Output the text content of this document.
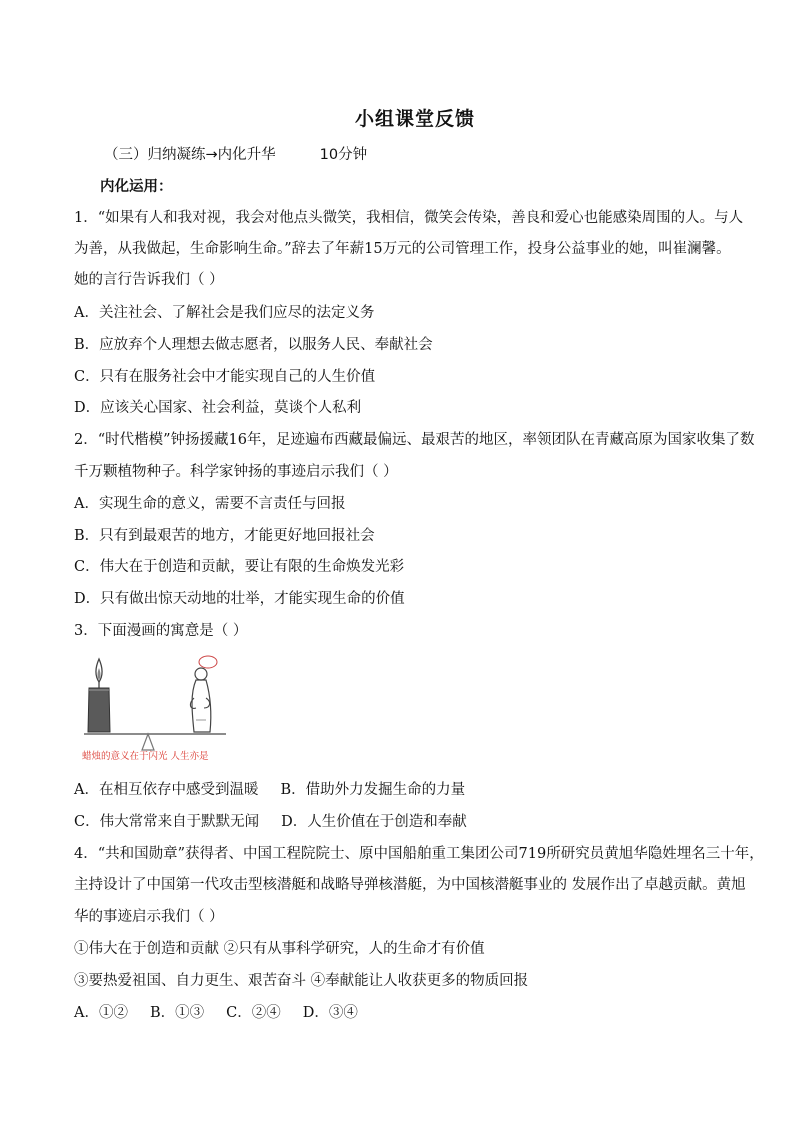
小组课堂反馈
（三）归纳凝练→内化升华	10分钟
内化运用：
1．“如果有人和我对视，我会对他点头微笑，我相信，微笑会传染，善良和爱心也能感染周围的人。与人
为善，从我做起，生命影响生命。”辞去了年薪15万元的公司管理工作，投身公益事业的她，叫崔澜馨。
她的言行告诉我们（ ）
A．关注社会、了解社会是我们应尽的法定义务
B．应放弃个人理想去做志愿者，以服务人民、奉献社会
C．只有在服务社会中才能实现自己的人生价值
D．应该关心国家、社会利益，莫谈个人私利
2．“时代楷模”钟扬援藏16年，足迹遍布西藏最偏远、最艰苦的地区，率领团队在青藏高原为国家收集了数
千万颗植物种子。科学家钟扬的事迹启示我们（ ）
A．实现生命的意义，需要不言责任与回报
B．只有到最艰苦的地方，才能更好地回报社会
C．伟大在于创造和贡献，要让有限的生命焕发光彩
D．只有做出惊天动地的壮举，才能实现生命的价值
3．下面漫画的寓意是（ ）
蜡烛的意义在于闪光 人生亦是
A．在相互依存中感受到温暖 B．借助外力发掘生命的力量
C．伟大常常来自于默默无闻 D．人生价值在于创造和奉献
4．“共和国勋章”获得者、中国工程院院士、原中国船舶重工集团公司719所研究员黄旭华隐姓埋名三十年，
主持设计了中国第一代攻击型核潜艇和战略导弹核潜艇，为中国核潜艇事业的 发展作出了卓越贡献。黄旭
华的事迹启示我们（ ）
①伟大在于创造和贡献 ②只有从事科学研究，人的生命才有价值
③要热爱祖国、自力更生、艰苦奋斗 ④奉献能让人收获更多的物质回报
A．①② B．①③ C．②④ D．③④
